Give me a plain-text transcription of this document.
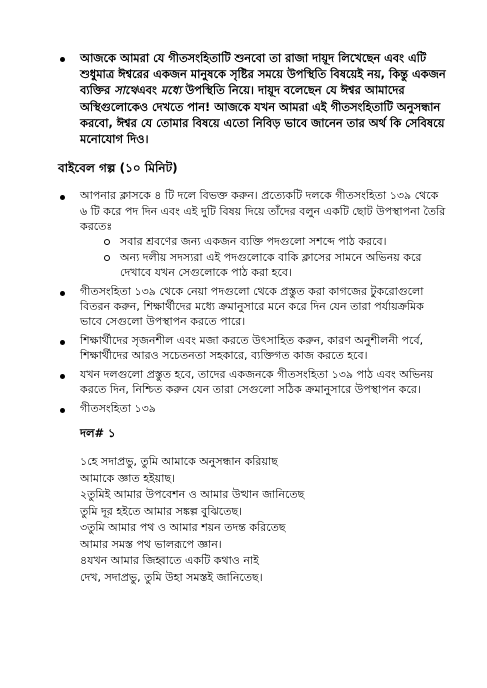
আজকে আমরা যে গীতসংহিতাটি শুনবো তা রাজা দায়ূদ লিখেছেন এবং এটি শুধুমাত্র ঈশ্বরের একজন মানুষকে সৃষ্টির সময়ে উপস্থিতি বিষয়েই নয়, কিন্তু একজন ব্যক্তির সাথেএবং মধ্যে উপস্থিতি নিয়ে। দায়ূদ বলেছেন যে ঈশ্বর আমাদের অস্থিগুলোকেও দেখতে পান! আজকে যখন আমরা এই গীতসংহিতাটি অনুসন্ধান করবো, ঈশ্বর যে তোমার বিষয়ে এতো নিবিড় ভাবে জানেন তার অর্থ কি সেবিষয়ে মনোযোগ দিও।
বাইবেল গল্প (১০ মিনিট)
আপনার ক্লাসকে ৪ টি দলে বিভক্ত করুন। প্রত্যেকটি দলকে গীতসংহিতা ১৩৯ থেকে ৬ টি করে পদ দিন এবং এই দুটি বিষয় দিয়ে তাঁদের বলুন একটি ছোট উপস্থাপনা তৈরি করতেঃ
সবার শ্রবণের জন্য একজন ব্যক্তি পদগুলো সশব্দে পাঠ করবে।
অন্য দলীয় সদস্যরা এই পদগুলোকে বাকি ক্লাসের সামনে অভিনয় করে দেখাবে যখন সেগুলোকে পাঠ করা হবে।
গীতসংহিতা ১৩৯ থেকে নেয়া পদগুলো থেকে প্রস্তুত করা কাগজের টুকরোগুলো বিতরন করুন, শিক্ষার্থীদের মধ্যে ক্রমানুসারে মনে করে দিন যেন তারা পর্যায়ক্রমিক ভাবে সেগুলো উপস্থাপন করতে পারে।
শিক্ষার্থীদের সৃজনশীল এবং মজা করতে উৎসাহিত করুন, কারণ অনুশীলনী পর্বে, শিক্ষার্থীদের আরও সচেতনতা সহকারে, ব্যক্তিগত কাজ করতে হবে।
যখন দলগুলো প্রস্তুত হবে, তাদের একজনকে গীতসংহিতা ১৩৯ পাঠ এবং অভিনয় করতে দিন, নিশ্চিত করুন যেন তারা সেগুলো সঠিক ক্রমানুসারে উপস্থাপন করে।
গীতসংহিতা ১৩৯
দল# ১
১হে সদাপ্রভু, তুমি আমাকে অনুসন্ধান করিয়াছ
আমাকে জ্ঞাত হইয়াছ।
২তুমিই আমার উপবেশন ও আমার উত্থান জানিতেছ
তুমি দূর হইতে আমার সঙ্কল্প বুঝিতেছ।
৩তুমি আমার পথ ও আমার শয়ন তদন্ত করিতেছ
আমার সমস্ত পথ ভালরূপে জ্ঞান।
৪যখন আমার জিহ্বাতে একটি কথাও নাই
দেখ, সদাপ্রভু, তুমি উহা সমস্তই জানিতেছ।
